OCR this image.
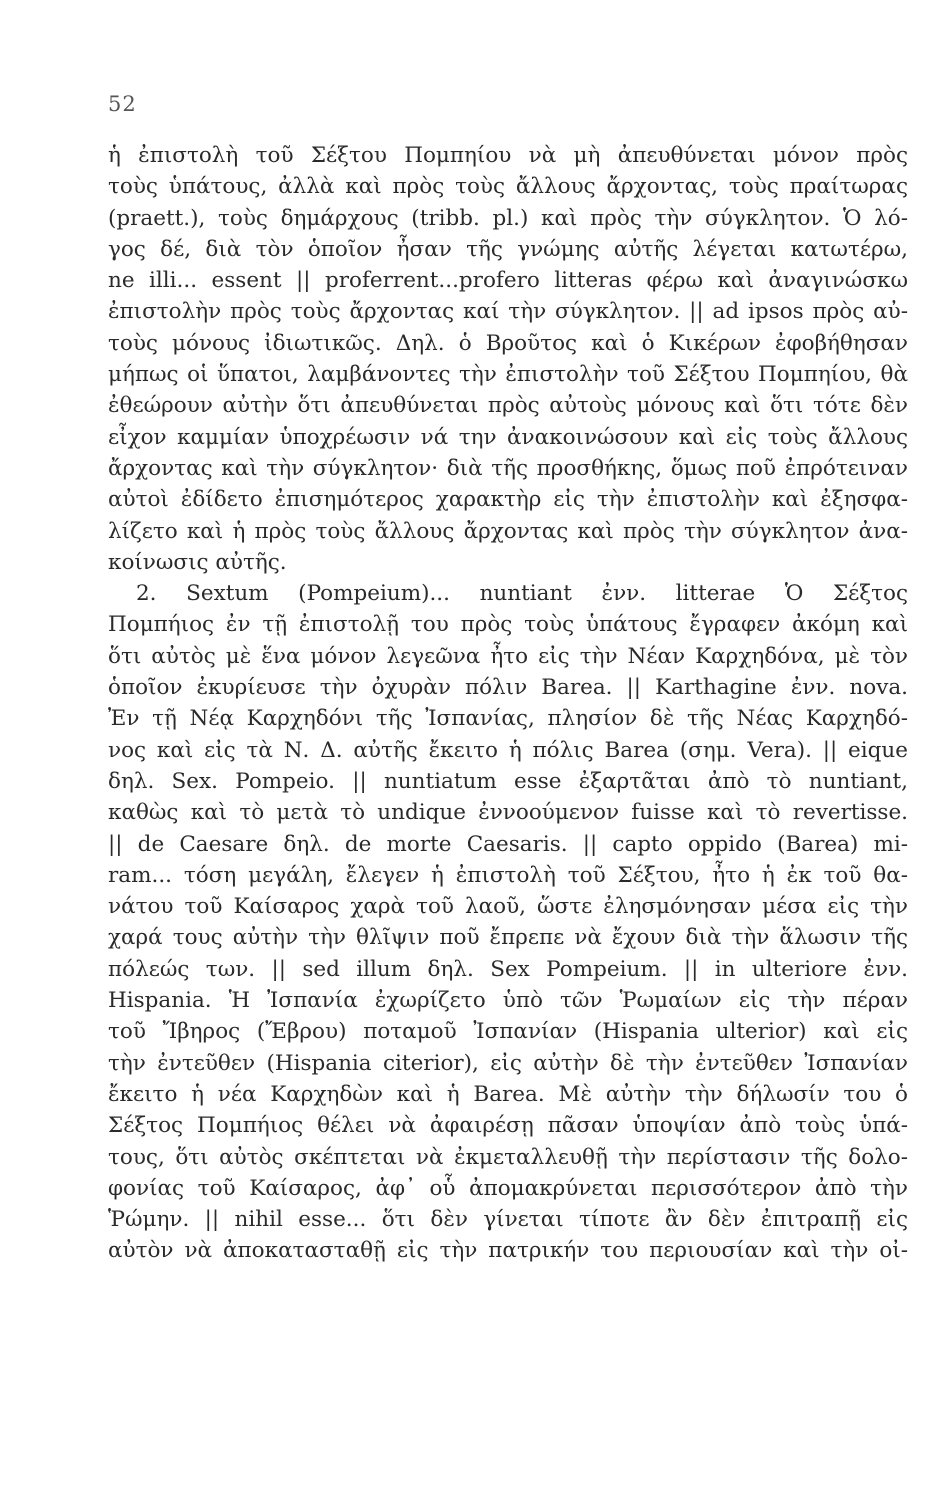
52
ἡ ἐπιστολὴ τοῦ Σέξτου Πομπηίου νὰ μὴ ἀπευθύνεται μόνον πρὸς
τοὺς ὑπάτους, ἀλλὰ καὶ πρὸς τοὺς ἄλλους ἄρχοντας, τοὺς πραίτωρας
(praett.), τοὺς δημάρχους (tribb. pl.) καὶ πρὸς τὴν σύγκλητον. Ὁ λό-
γος δέ, διὰ τὸν ὁποῖον ἦσαν τῆς γνώμης αὐτῆς λέγεται κατωτέρω,
ne illi... essent || proferrent...profero litteras φέρω καὶ ἀναγινώσκω
ἐπιστολὴν πρὸς τοὺς ἄρχοντας καί τὴν σύγκλητον. || ad ipsos πρὸς αὐ-
τοὺς μόνους ἰδιωτικῶς. Δηλ. ὁ Βροῦτος καὶ ὁ Κικέρων ἐφοβήθησαν
μήπως οἱ ὕπατοι, λαμβάνοντες τὴν ἐπιστολὴν τοῦ Σέξτου Πομπηίου, θὰ
ἐθεώρουν αὐτὴν ὅτι ἀπευθύνεται πρὸς αὐτοὺς μόνους καὶ ὅτι τότε δὲν
εἶχον καμμίαν ὑποχρέωσιν νά την ἀνακοινώσουν καὶ εἰς τοὺς ἄλλους
ἄρχοντας καὶ τὴν σύγκλητον· διὰ τῆς προσθήκης, ὅμως ποῦ ἐπρότειναν
αὐτοὶ ἐδίδετο ἐπισημότερος χαρακτὴρ εἰς τὴν ἐπιστολὴν καὶ ἐξησφα-
λίζετο καὶ ἡ πρὸς τοὺς ἄλλους ἄρχοντας καὶ πρὸς τὴν σύγκλητον ἀνα-
κοίνωσις αὐτῆς.
2. Sextum (Pompeium)... nuntiant ἐνν. litterae Ὁ Σέξτος
Πομπήιος ἐν τῇ ἐπιστολῇ του πρὸς τοὺς ὑπάτους ἔγραφεν ἀκόμη καὶ
ὅτι αὐτὸς μὲ ἕνα μόνον λεγεῶνα ἦτο εἰς τὴν Νέαν Καρχηδόνα, μὲ τὸν
ὁποῖον ἐκυρίευσε τὴν ὀχυρὰν πόλιν Barea. || Karthagine ἐνν. nova.
Ἐν τῇ Νέᾳ Καρχηδόνι τῆς Ἰσπανίας, πλησίον δὲ τῆς Νέας Καρχηδό-
νος καὶ εἰς τὰ Ν. Δ. αὐτῆς ἔκειτο ἡ πόλις Barea (σημ. Vera). || eique
δηλ. Sex. Pompeio. || nuntiatum esse ἐξαρτᾶται ἀπὸ τὸ nuntiant,
καθὼς καὶ τὸ μετὰ τὸ undique ἐννοούμενον fuisse καὶ τὸ revertisse.
|| de Caesare δηλ. de morte Caesaris. || capto oppido (Barea) mi-
ram... τόση μεγάλη, ἔλεγεν ἡ ἐπιστολὴ τοῦ Σέξτου, ἦτο ἡ ἐκ τοῦ θα-
νάτου τοῦ Καίσαρος χαρὰ τοῦ λαοῦ, ὥστε ἐλησμόνησαν μέσα εἰς τὴν
χαρά τους αὐτὴν τὴν θλῖψιν ποῦ ἔπρεπε νὰ ἔχουν διὰ τὴν ἅλωσιν τῆς
πόλεώς των. || sed illum δηλ. Sex Pompeium. || in ulteriore ἐνν.
Hispania. Ἡ Ἰσπανία ἐχωρίζετο ὑπὸ τῶν Ῥωμαίων εἰς τὴν πέραν
τοῦ Ἴβηρος (Ἔβρου) ποταμοῦ Ἰσπανίαν (Hispania ulterior) καὶ εἰς
τὴν ἐντεῦθεν (Hispania citerior), εἰς αὐτὴν δὲ τὴν ἐντεῦθεν Ἰσπανίαν
ἔκειτο ἡ νέα Καρχηδὼν καὶ ἡ Barea. Μὲ αὐτὴν τὴν δήλωσίν του ὁ
Σέξτος Πομπήιος θέλει νὰ ἀφαιρέσῃ πᾶσαν ὑποψίαν ἀπὸ τοὺς ὑπά-
τους, ὅτι αὐτὸς σκέπτεται νὰ ἐκμεταλλευθῇ τὴν περίστασιν τῆς δολο-
φονίας τοῦ Καίσαρος, ἀφ᾽ οὗ ἀπομακρύνεται περισσότερον ἀπὸ τὴν
Ῥώμην. || nihil esse... ὅτι δὲν γίνεται τίποτε ἂν δὲν ἐπιτραπῇ εἰς
αὐτὸν νὰ ἀποκατασταθῇ εἰς τὴν πατρικήν του περιουσίαν καὶ τὴν οἰ-
